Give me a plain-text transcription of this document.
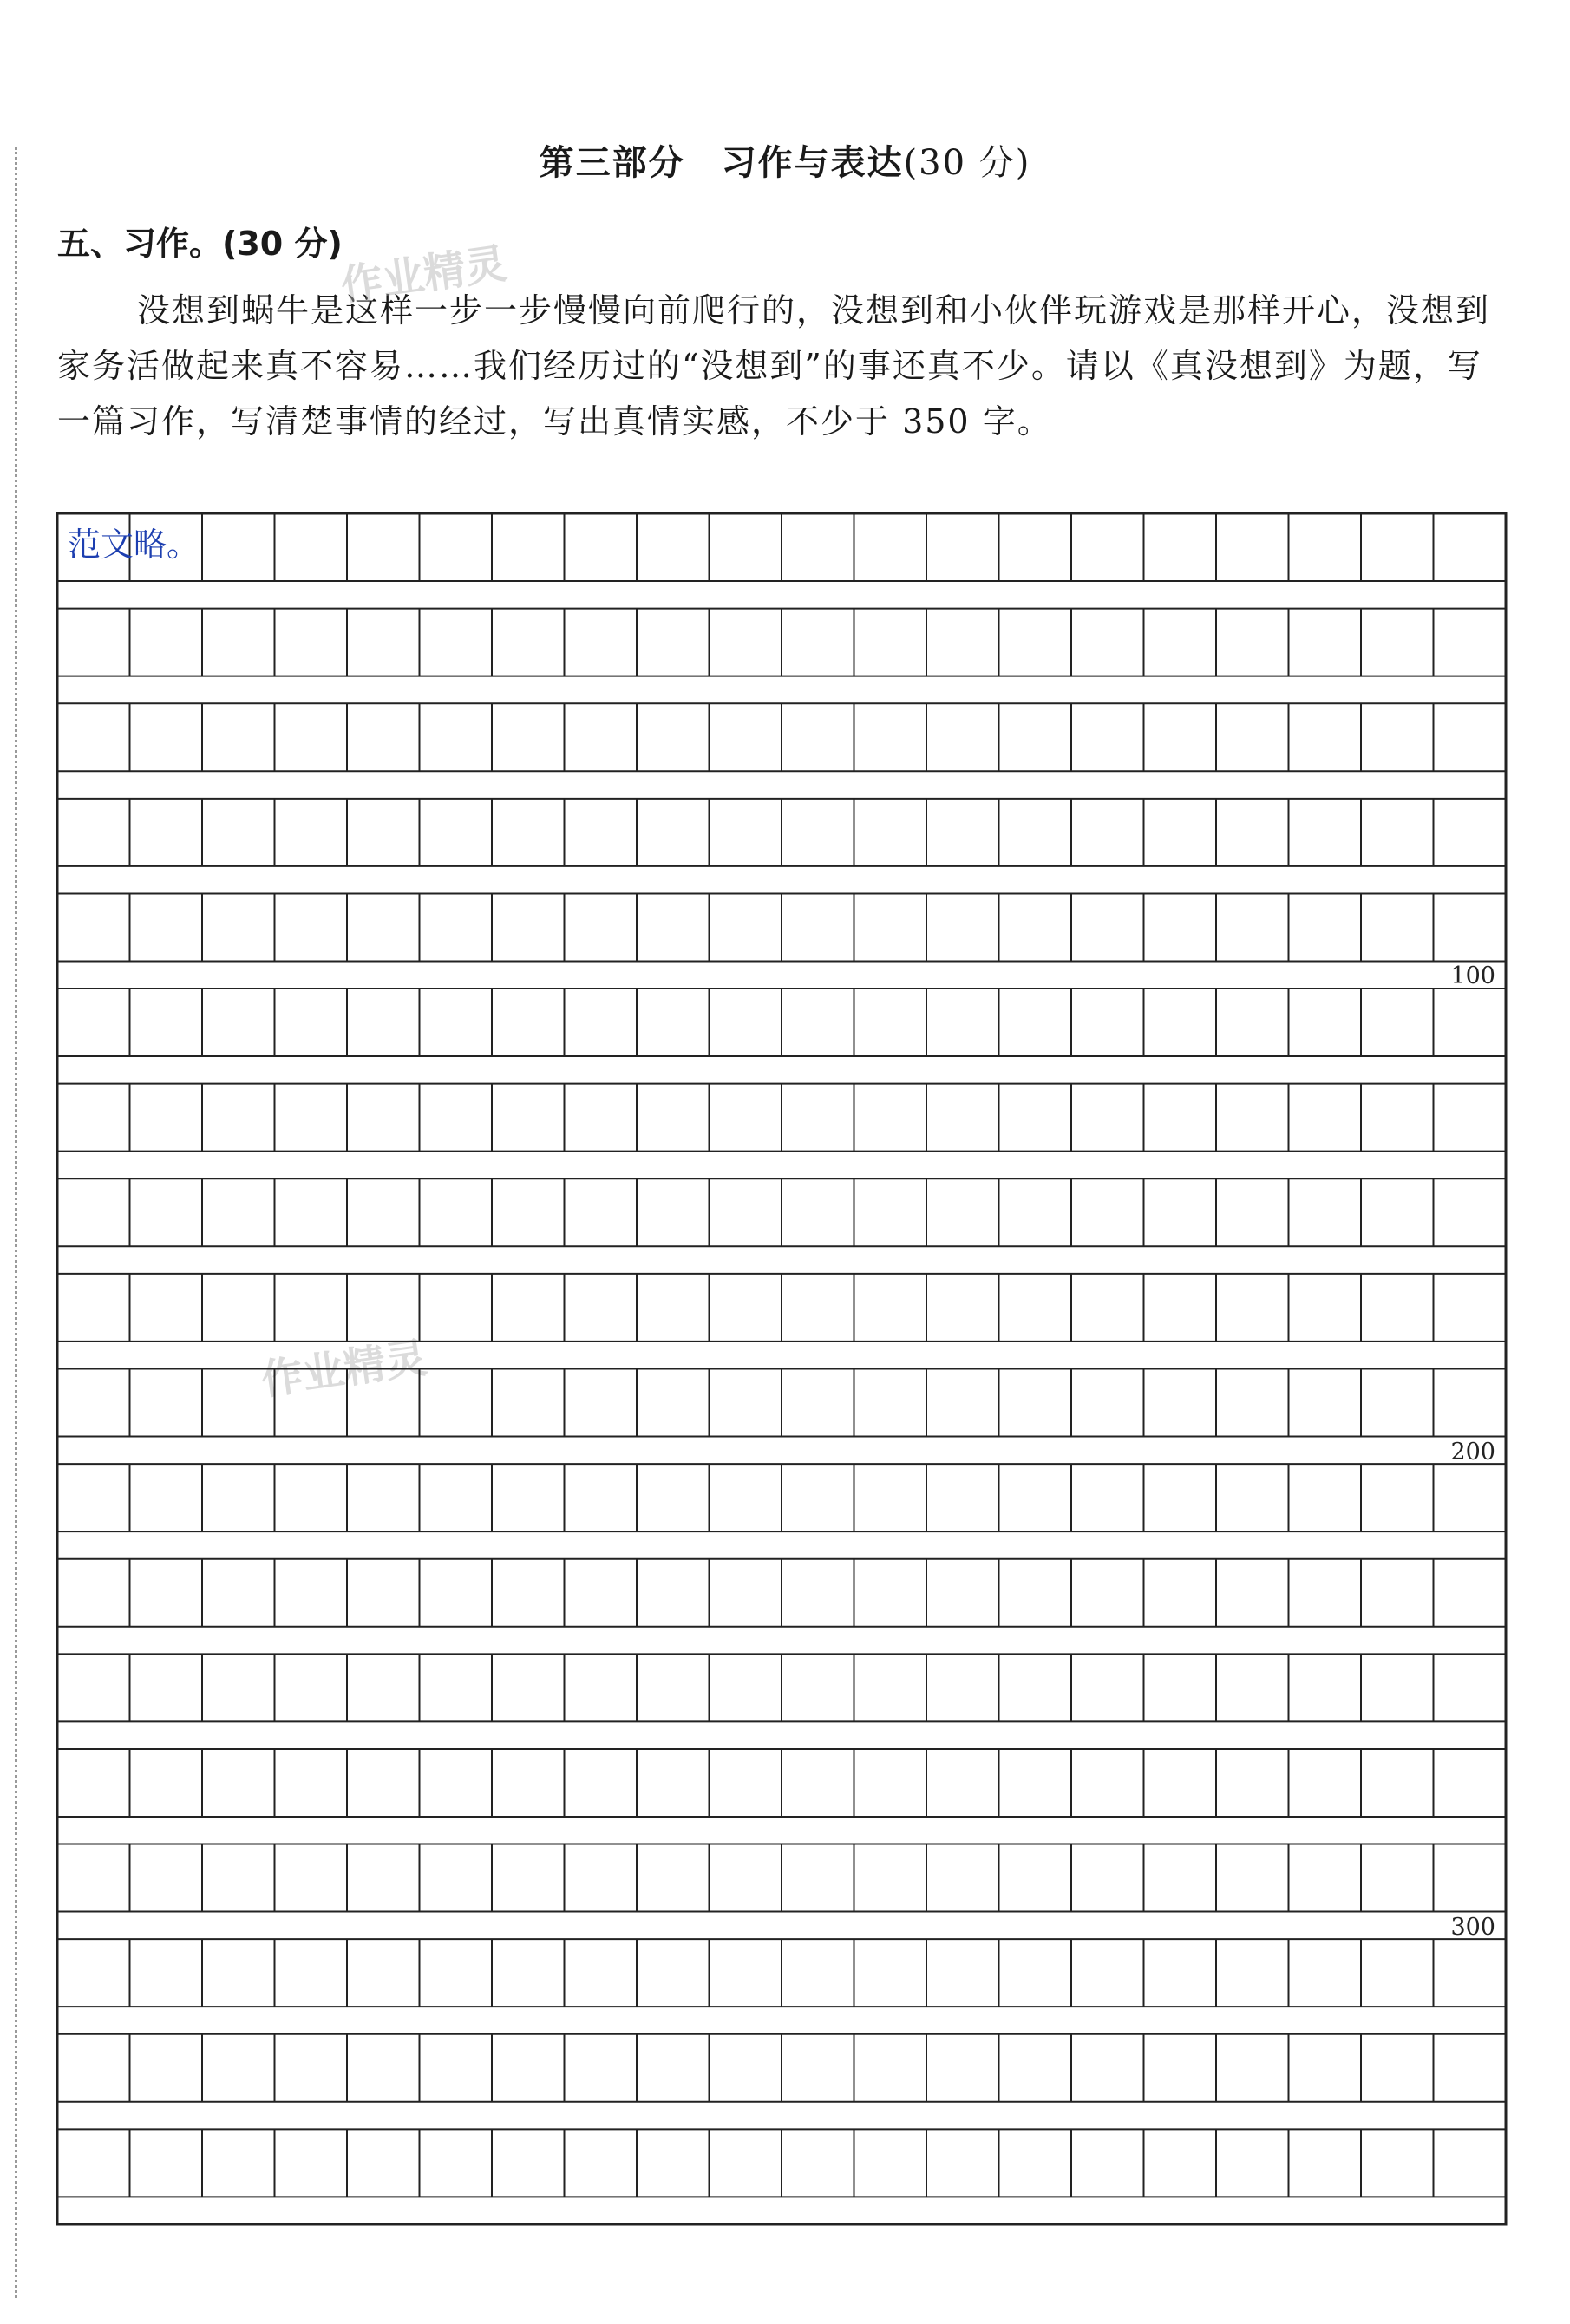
第三部分　习作与表达(30 分)
五、习作。(30 分)

没想到蜗牛是这样一步一步慢慢向前爬行的，没想到和小伙伴玩游戏是那样开心，没想到家务活做起来真不容易……我们经历过的“没想到”的事还真不少。请以《真没想到》为题，写一篇习作，写清楚事情的经过，写出真情实感，不少于 350 字。

作业精灵
作业精灵
范文略。
100
200
300
